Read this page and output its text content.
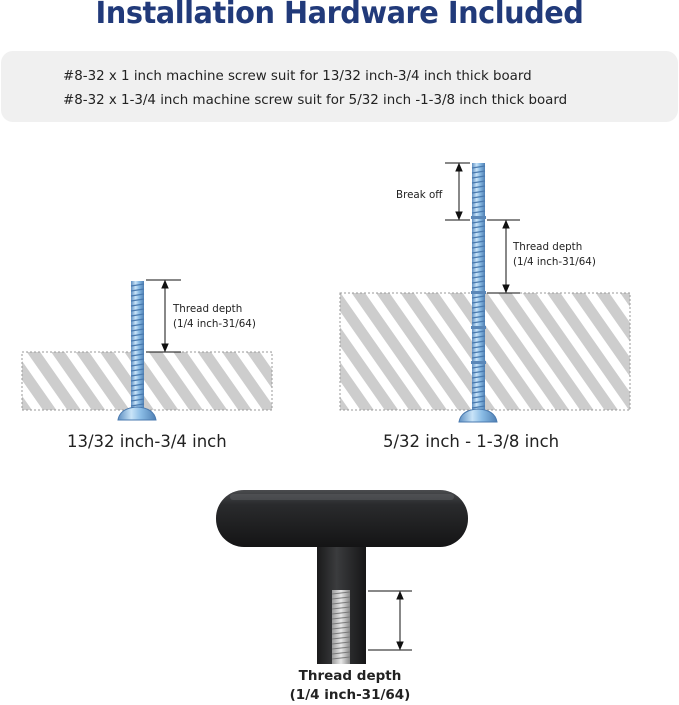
Installation Hardware Included
#8-32 x 1 inch machine screw suit for 13/32 inch-3/4 inch thick board
#8-32 x 1-3/4 inch machine screw suit for 5/32 inch -1-3/8 inch thick board
Thread depth
(1/4 inch-31/64)
13/32 inch-3/4 inch
Break off
Thread depth
(1/4 inch-31/64)
5/32 inch - 1-3/8 inch
Thread depth
(1/4 inch-31/64)
